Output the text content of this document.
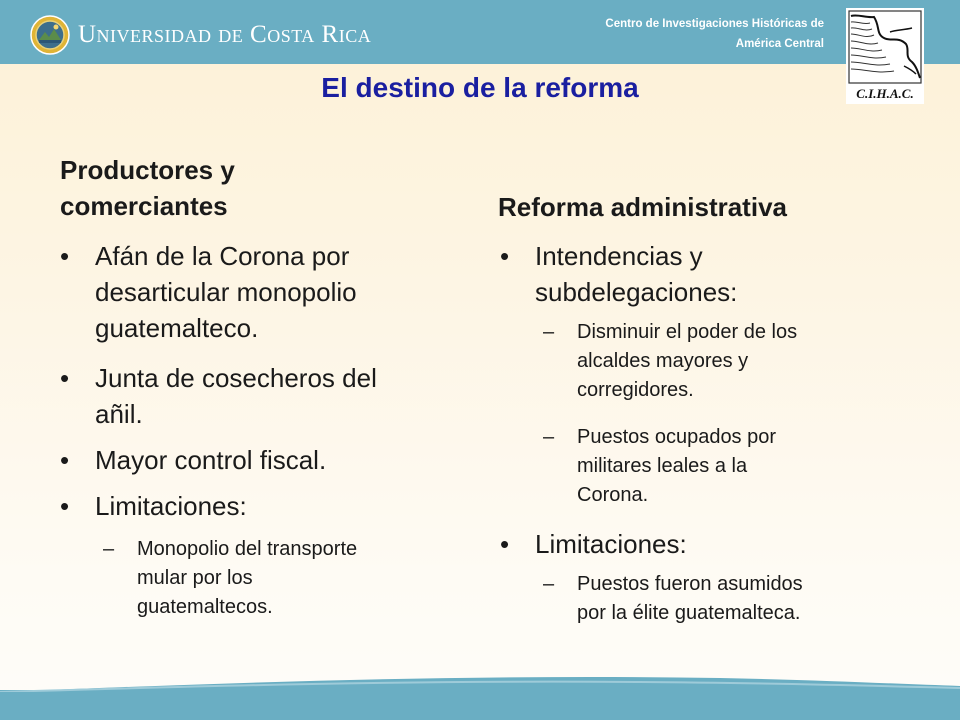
Universidad de Costa Rica	Centro de Investigaciones Históricas de
América Central
C.I.H.A.C.
El destino de la reforma
Productores y
comerciantes
• Afán de la Corona por
desarticular monopolio
guatemalteco.
• Junta de cosecheros del
añil.
• Mayor control fiscal.
• Limitaciones:
– Monopolio del transporte
mular por los
guatemaltecos.
Reforma administrativa
• Intendencias y
subdelegaciones:
– Disminuir el poder de los
alcaldes mayores y
corregidores.
– Puestos ocupados por
militares leales a la
Corona.
• Limitaciones:
– Puestos fueron asumidos
por la élite guatemalteca.
